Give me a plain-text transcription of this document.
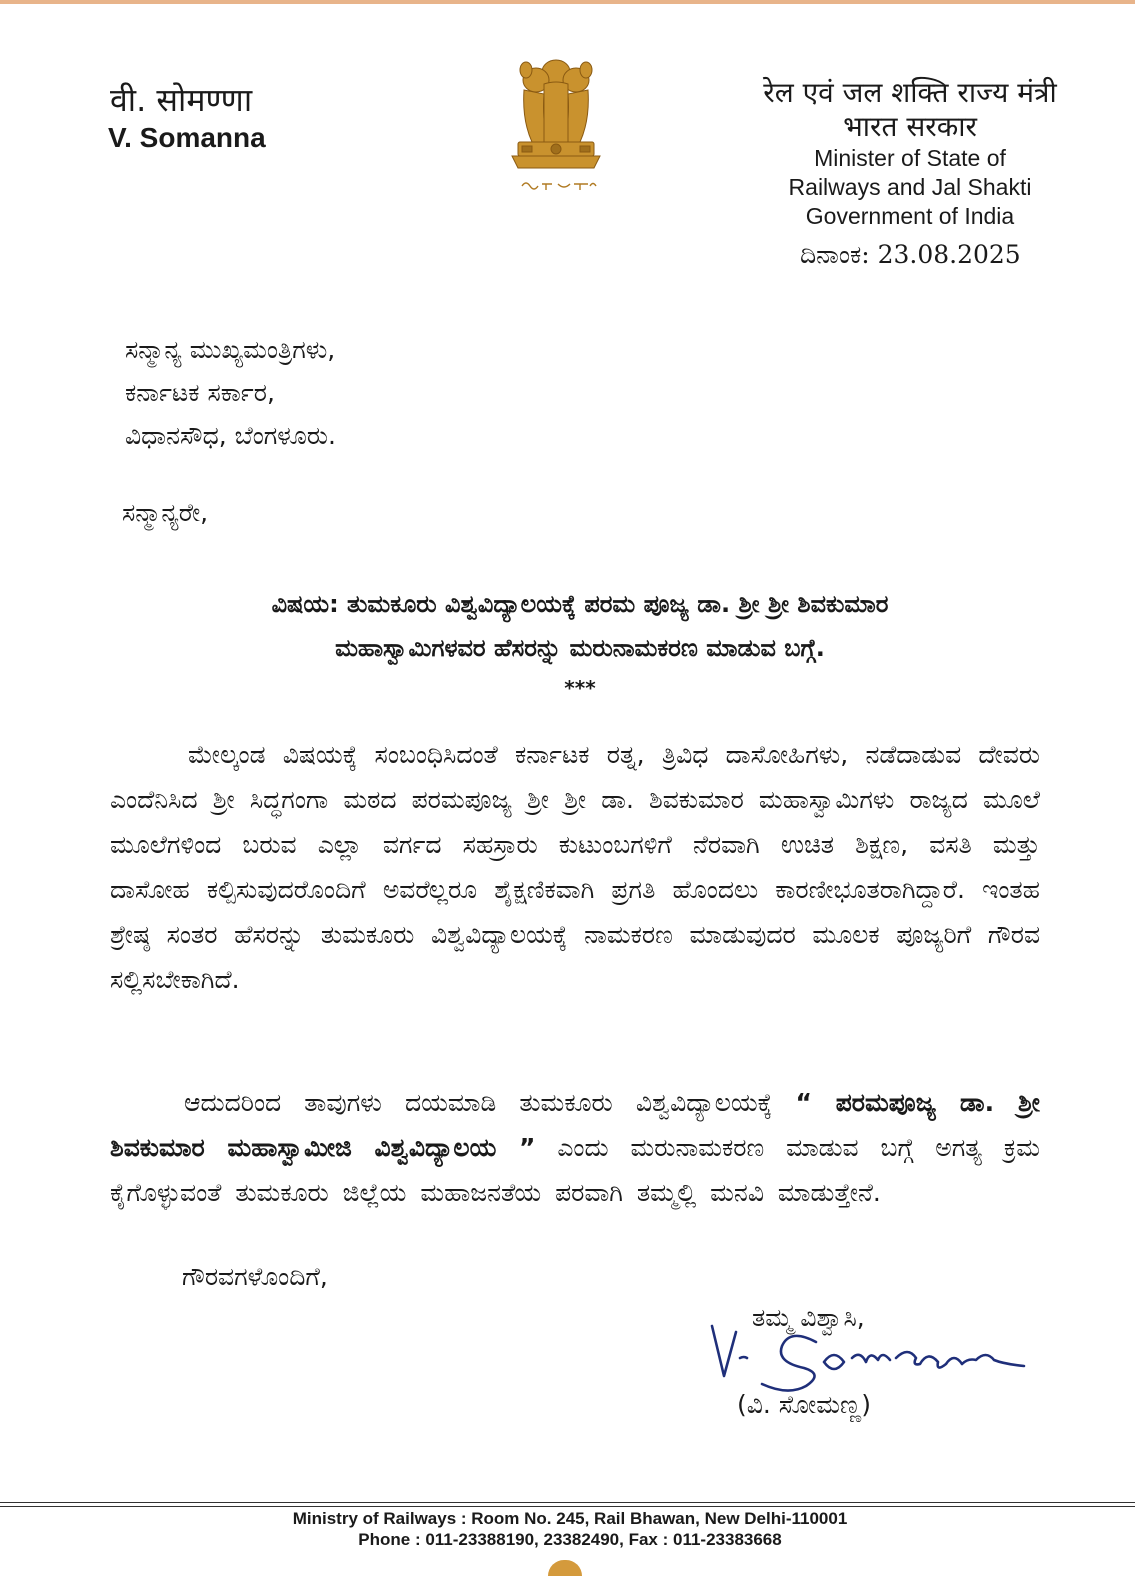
वी. सोमण्णा
V. Somanna
रेल एवं जल शक्ति राज्य मंत्री
भारत सरकार
Minister of State of
Railways and Jal Shakti
Government of India
ದಿನಾಂಕ: 23.08.2025
ಸನ್ಮಾನ್ಯ ಮುಖ್ಯಮಂತ್ರಿಗಳು,
ಕರ್ನಾಟಕ ಸರ್ಕಾರ,
ವಿಧಾನಸೌಧ, ಬೆಂಗಳೂರು.
ಸನ್ಮಾನ್ಯರೇ,
ವಿಷಯ: ತುಮಕೂರು ವಿಶ್ವವಿದ್ಯಾಲಯಕ್ಕೆ ಪರಮ ಪೂಜ್ಯ ಡಾ. ಶ್ರೀ ಶ್ರೀ ಶಿವಕುಮಾರ
ಮಹಾಸ್ವಾಮಿಗಳವರ ಹೆಸರನ್ನು ಮರುನಾಮಕರಣ ಮಾಡುವ ಬಗ್ಗೆ.
***
ಮೇಲ್ಕಂಡ ವಿಷಯಕ್ಕೆ ಸಂಬಂಧಿಸಿದಂತೆ ಕರ್ನಾಟಕ ರತ್ನ, ತ್ರಿವಿಧ ದಾಸೋಹಿಗಳು, ನಡೆದಾಡುವ ದೇವರು ಎಂದೆನಿಸಿದ ಶ್ರೀ ಸಿದ್ಧಗಂಗಾ ಮಠದ ಪರಮಪೂಜ್ಯ ಶ್ರೀ ಶ್ರೀ ಡಾ. ಶಿವಕುಮಾರ ಮಹಾಸ್ವಾಮಿಗಳು ರಾಜ್ಯದ ಮೂಲೆ ಮೂಲೆಗಳಿಂದ ಬರುವ ಎಲ್ಲಾ ವರ್ಗದ ಸಹಸ್ರಾರು ಕುಟುಂಬಗಳಿಗೆ ನೆರವಾಗಿ ಉಚಿತ ಶಿಕ್ಷಣ, ವಸತಿ ಮತ್ತು ದಾಸೋಹ ಕಲ್ಪಿಸುವುದರೊಂದಿಗೆ ಅವರೆಲ್ಲರೂ ಶೈಕ್ಷಣಿಕವಾಗಿ ಪ್ರಗತಿ ಹೊಂದಲು ಕಾರಣೀಭೂತರಾಗಿದ್ದಾರೆ. ಇಂತಹ ಶ್ರೇಷ್ಠ ಸಂತರ ಹೆಸರನ್ನು ತುಮಕೂರು ವಿಶ್ವವಿದ್ಯಾಲಯಕ್ಕೆ ನಾಮಕರಣ ಮಾಡುವುದರ ಮೂಲಕ ಪೂಜ್ಯರಿಗೆ ಗೌರವ ಸಲ್ಲಿಸಬೇಕಾಗಿದೆ.
ಆದುದರಿಂದ ತಾವುಗಳು ದಯಮಾಡಿ ತುಮಕೂರು ವಿಶ್ವವಿದ್ಯಾಲಯಕ್ಕೆ “ ಪರಮಪೂಜ್ಯ ಡಾ. ಶ್ರೀ ಶಿವಕುಮಾರ ಮಹಾಸ್ವಾಮೀಜಿ ವಿಶ್ವವಿದ್ಯಾಲಯ ” ಎಂದು ಮರುನಾಮಕರಣ ಮಾಡುವ ಬಗ್ಗೆ ಅಗತ್ಯ ಕ್ರಮ ಕೈಗೊಳ್ಳುವಂತೆ ತುಮಕೂರು ಜಿಲ್ಲೆಯ ಮಹಾಜನತೆಯ ಪರವಾಗಿ ತಮ್ಮಲ್ಲಿ ಮನವಿ ಮಾಡುತ್ತೇನೆ.
ಗೌರವಗಳೊಂದಿಗೆ,
ತಮ್ಮ ವಿಶ್ವಾಸಿ,
(ವಿ. ಸೋಮಣ್ಣ)
Ministry of Railways : Room No. 245, Rail Bhawan, New Delhi-110001
Phone : 011-23388190, 23382490, Fax : 011-23383668
